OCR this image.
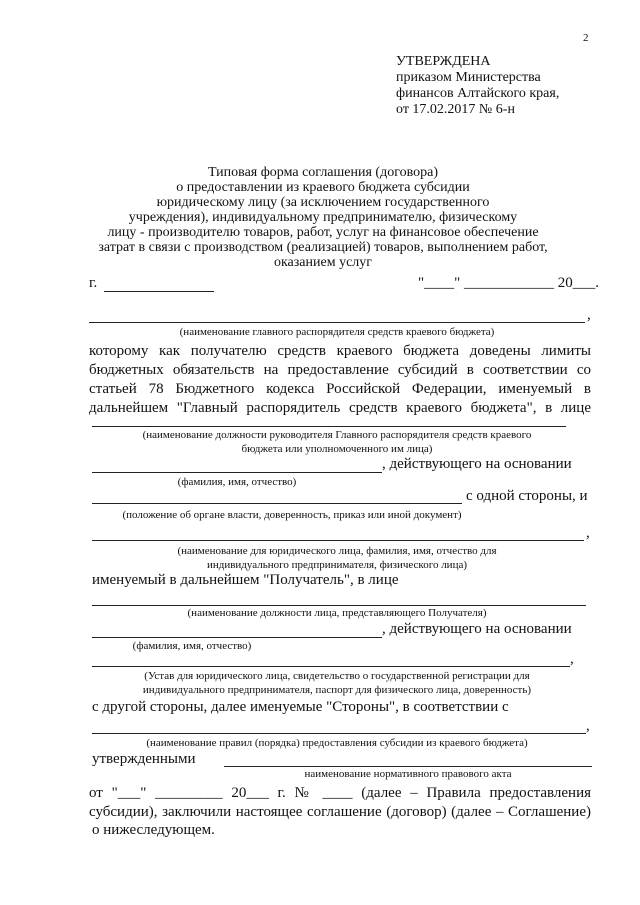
2
УТВЕРЖДЕНА
приказом Министерства
финансов Алтайского края,
от 17.02.2017 № 6-н
Типовая форма соглашения (договора)
о предоставлении из краевого бюджета субсидии
юридическому лицу (за исключением государственного
учреждения), индивидуальному предпринимателю, физическому
лицу - производителю товаров, работ, услуг на финансовое обеспечение
затрат в связи с производством (реализацией) товаров, выполнением работ,
оказанием услуг
г.	"____" ____________ 20___.
,
(наименование главного распорядителя средств краевого бюджета)
которому как получателю средств краевого бюджета доведены лимиты
бюджетных обязательств на предоставление субсидий в соответствии со
статьей 78 Бюджетного кодекса Российской Федерации, именуемый в
дальнейшем "Главный распорядитель средств краевого бюджета", в лице
(наименование должности руководителя Главного распорядителя средств краевого
бюджета или уполномоченного им лица)
, действующего на основании
(фамилия, имя, отчество)
с одной стороны, и
(положение об органе власти, доверенность, приказ или иной документ)
,
(наименование для юридического лица, фамилия, имя, отчество для
индивидуального предпринимателя, физического лица)
именуемый в дальнейшем "Получатель", в лице
(наименование должности лица, представляющего Получателя)
, действующего на основании
(фамилия, имя, отчество)
,
(Устав для юридического лица, свидетельство о государственной регистрации для
индивидуального предпринимателя, паспорт для физического лица, доверенность)
с другой стороны, далее именуемые "Стороны", в соответствии с
,
(наименование правил (порядка) предоставления субсидии из краевого бюджета)
утвержденными
наименование нормативного правового акта
от "___" _________ 20___ г. № ____ (далее – Правила предоставления
субсидии), заключили настоящее соглашение (договор) (далее – Соглашение)
о нижеследующем.
